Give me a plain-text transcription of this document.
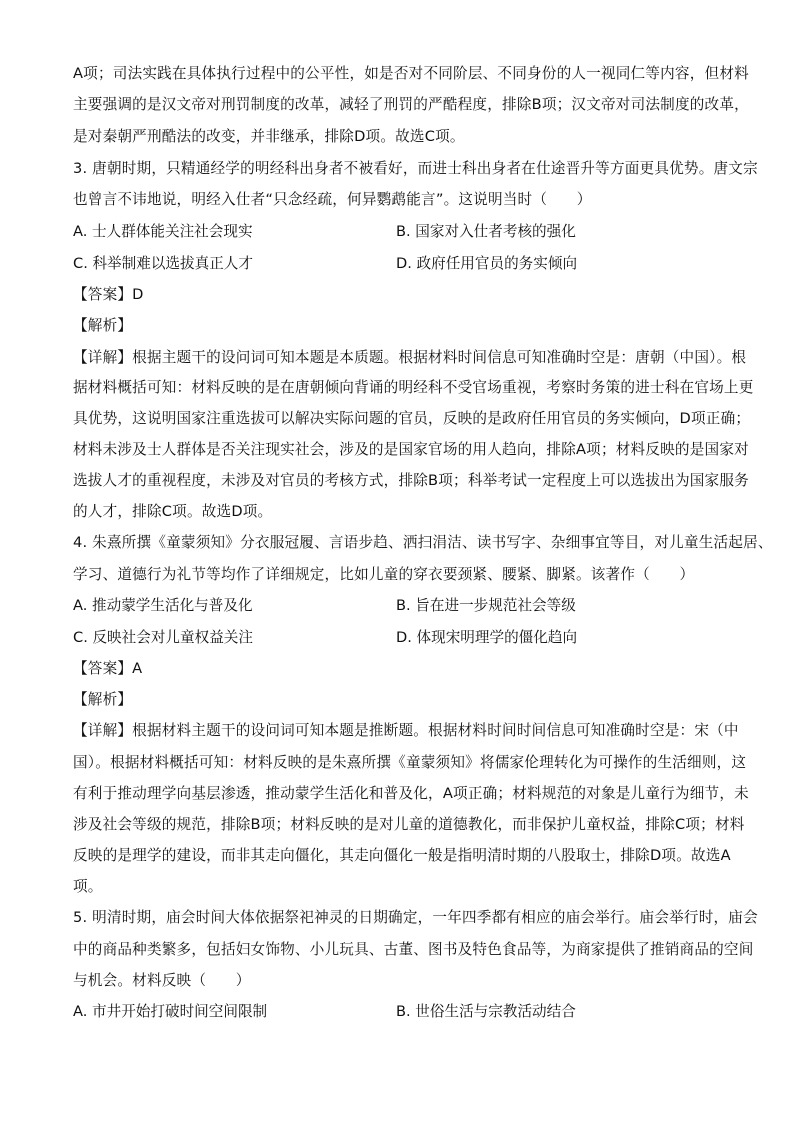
A项；司法实践在具体执行过程中的公平性，如是否对不同阶层、不同身份的人一视同仁等内容，但材料
主要强调的是汉文帝对刑罚制度的改革，减轻了刑罚的严酷程度，排除B项；汉文帝对司法制度的改革，
是对秦朝严刑酷法的改变，并非继承，排除D项。故选C项。
3. 唐朝时期，只精通经学的明经科出身者不被看好，而进士科出身者在仕途晋升等方面更具优势。唐文宗
也曾言不讳地说，明经入仕者“只念经疏，何异鹦鹉能言”。这说明当时（　　）
A. 士人群体能关注社会现实	B. 国家对入仕者考核的强化
C. 科举制难以选拔真正人才	D. 政府任用官员的务实倾向
【答案】D
【解析】
【详解】根据主题干的设问词可知本题是本质题。根据材料时间信息可知准确时空是：唐朝（中国）。根
据材料概括可知：材料反映的是在唐朝倾向背诵的明经科不受官场重视，考察时务策的进士科在官场上更
具优势，这说明国家注重选拔可以解决实际问题的官员，反映的是政府任用官员的务实倾向，D项正确；
材料未涉及士人群体是否关注现实社会，涉及的是国家官场的用人趋向，排除A项；材料反映的是国家对
选拔人才的重视程度，未涉及对官员的考核方式，排除B项；科举考试一定程度上可以选拔出为国家服务
的人才，排除C项。故选D项。
4. 朱熹所撰《童蒙须知》分衣服冠履、言语步趋、洒扫涓洁、读书写字、杂细事宜等目，对儿童生活起居、
学习、道德行为礼节等均作了详细规定，比如儿童的穿衣要颈紧、腰紧、脚紧。该著作（　　）
A. 推动蒙学生活化与普及化	B. 旨在进一步规范社会等级
C. 反映社会对儿童权益关注	D. 体现宋明理学的僵化趋向
【答案】A
【解析】
【详解】根据材料主题干的设问词可知本题是推断题。根据材料时间时间信息可知准确时空是：宋（中
国）。根据材料概括可知：材料反映的是朱熹所撰《童蒙须知》将儒家伦理转化为可操作的生活细则，这
有利于推动理学向基层渗透，推动蒙学生活化和普及化，A项正确；材料规范的对象是儿童行为细节，未
涉及社会等级的规范，排除B项；材料反映的是对儿童的道德教化，而非保护儿童权益，排除C项；材料
反映的是理学的建设，而非其走向僵化，其走向僵化一般是指明清时期的八股取士，排除D项。故选A
项。
5. 明清时期，庙会时间大体依据祭祀神灵的日期确定，一年四季都有相应的庙会举行。庙会举行时，庙会
中的商品种类繁多，包括妇女饰物、小儿玩具、古董、图书及特色食品等，为商家提供了推销商品的空间
与机会。材料反映（　　）
A. 市井开始打破时间空间限制	B. 世俗生活与宗教活动结合
